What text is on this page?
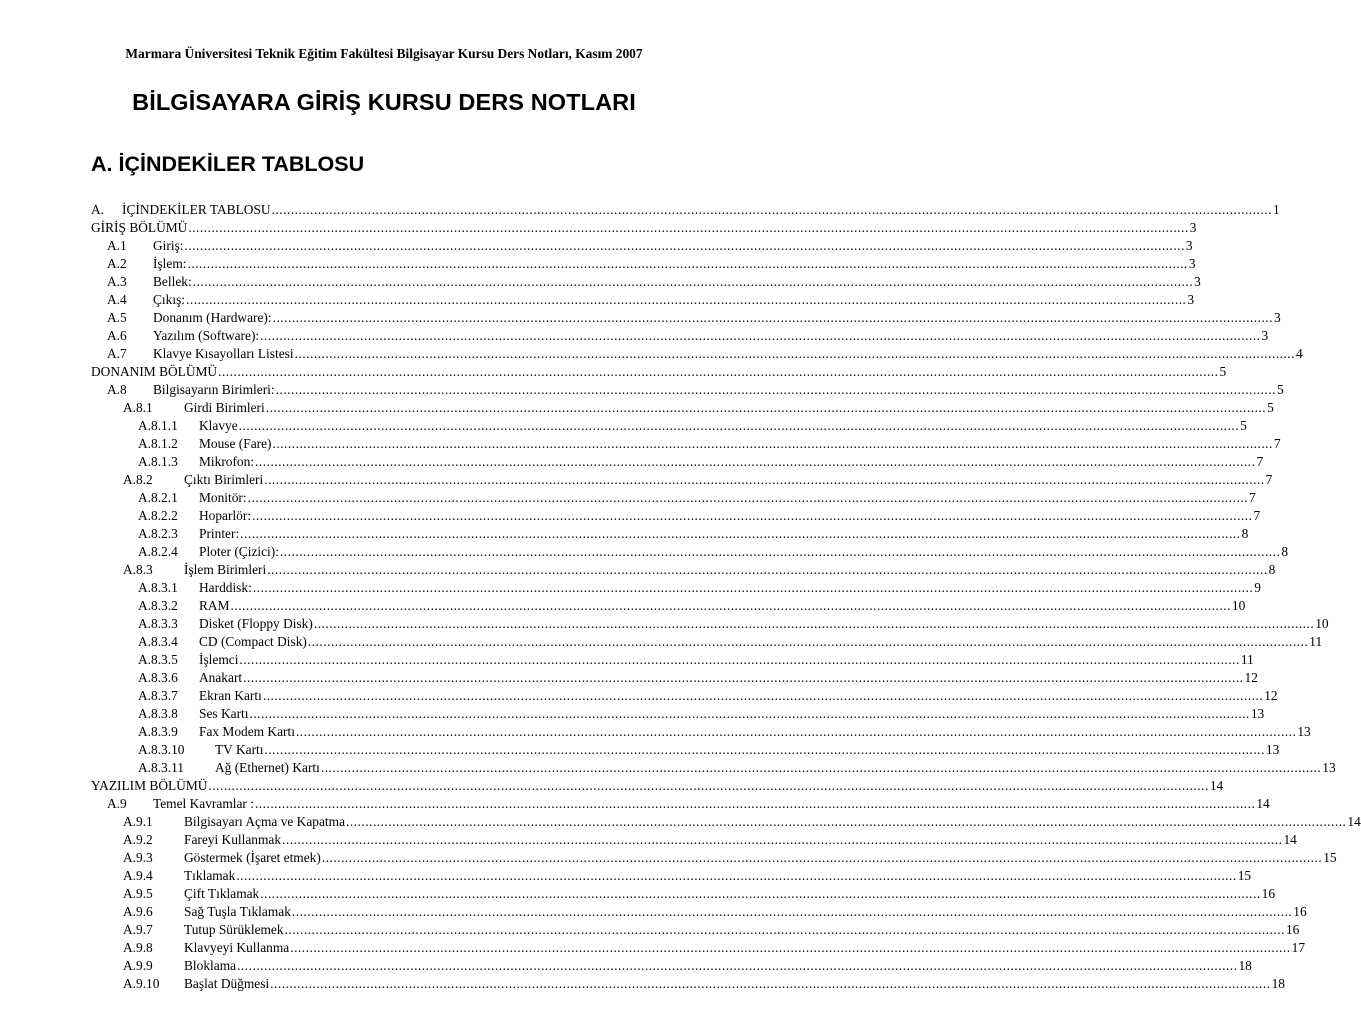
Marmara Üniversitesi Teknik Eğitim Fakültesi Bilgisayar Kursu Ders Notları, Kasım 2007
BİLGİSAYARA GİRİŞ KURSU DERS NOTLARI
A. İÇİNDEKİLER TABLOSU
A. İÇİNDEKİLER TABLOSU .................................................................................................................................................................................................................................................................... 1
GİRİŞ BÖLÜMÜ .................................................................................................................................................................................................................................................................... 3
A.1 Giriş: .................................................................................................................................................................................................................................................................... 3
A.2 İşlem: .................................................................................................................................................................................................................................................................... 3
A.3 Bellek: .................................................................................................................................................................................................................................................................... 3
A.4 Çıkış: .................................................................................................................................................................................................................................................................... 3
A.5 Donanım (Hardware): .................................................................................................................................................................................................................................................................... 3
A.6 Yazılım (Software): .................................................................................................................................................................................................................................................................... 3
A.7 Klavye Kısayolları Listesi .................................................................................................................................................................................................................................................................... 4
DONANIM BÖLÜMÜ .................................................................................................................................................................................................................................................................... 5
A.8 Bilgisayarın Birimleri: .................................................................................................................................................................................................................................................................... 5
A.8.1 Girdi Birimleri .................................................................................................................................................................................................................................................................... 5
A.8.1.1 Klavye .................................................................................................................................................................................................................................................................... 5
A.8.1.2 Mouse (Fare) .................................................................................................................................................................................................................................................................... 7
A.8.1.3 Mikrofon: .................................................................................................................................................................................................................................................................... 7
A.8.2 Çıktı Birimleri .................................................................................................................................................................................................................................................................... 7
A.8.2.1 Monitör: .................................................................................................................................................................................................................................................................... 7
A.8.2.2 Hoparlör: .................................................................................................................................................................................................................................................................... 7
A.8.2.3 Printer: .................................................................................................................................................................................................................................................................... 8
A.8.2.4 Ploter (Çizici): .................................................................................................................................................................................................................................................................... 8
A.8.3 İşlem Birimleri .................................................................................................................................................................................................................................................................... 8
A.8.3.1 Harddisk: .................................................................................................................................................................................................................................................................... 9
A.8.3.2 RAM .................................................................................................................................................................................................................................................................... 10
A.8.3.3 Disket (Floppy Disk) .................................................................................................................................................................................................................................................................... 10
A.8.3.4 CD (Compact Disk) .................................................................................................................................................................................................................................................................... 11
A.8.3.5 İşlemci .................................................................................................................................................................................................................................................................... 11
A.8.3.6 Anakart .................................................................................................................................................................................................................................................................... 12
A.8.3.7 Ekran Kartı .................................................................................................................................................................................................................................................................... 12
A.8.3.8 Ses Kartı .................................................................................................................................................................................................................................................................... 13
A.8.3.9 Fax Modem Kartı .................................................................................................................................................................................................................................................................... 13
A.8.3.10 TV Kartı .................................................................................................................................................................................................................................................................... 13
A.8.3.11 Ağ (Ethernet) Kartı .................................................................................................................................................................................................................................................................... 13
YAZILIM BÖLÜMÜ .................................................................................................................................................................................................................................................................... 14
A.9 Temel Kavramlar : .................................................................................................................................................................................................................................................................... 14
A.9.1 Bilgisayarı Açma ve Kapatma .................................................................................................................................................................................................................................................................... 14
A.9.2 Fareyi Kullanmak .................................................................................................................................................................................................................................................................... 14
A.9.3 Göstermek (İşaret etmek) .................................................................................................................................................................................................................................................................... 15
A.9.4 Tıklamak .................................................................................................................................................................................................................................................................... 15
A.9.5 Çift Tıklamak .................................................................................................................................................................................................................................................................... 16
A.9.6 Sağ Tuşla Tıklamak .................................................................................................................................................................................................................................................................... 16
A.9.7 Tutup Sürüklemek .................................................................................................................................................................................................................................................................... 16
A.9.8 Klavyeyi Kullanma .................................................................................................................................................................................................................................................................... 17
A.9.9 Bloklama .................................................................................................................................................................................................................................................................... 18
A.9.10 Başlat Düğmesi .................................................................................................................................................................................................................................................................... 18
